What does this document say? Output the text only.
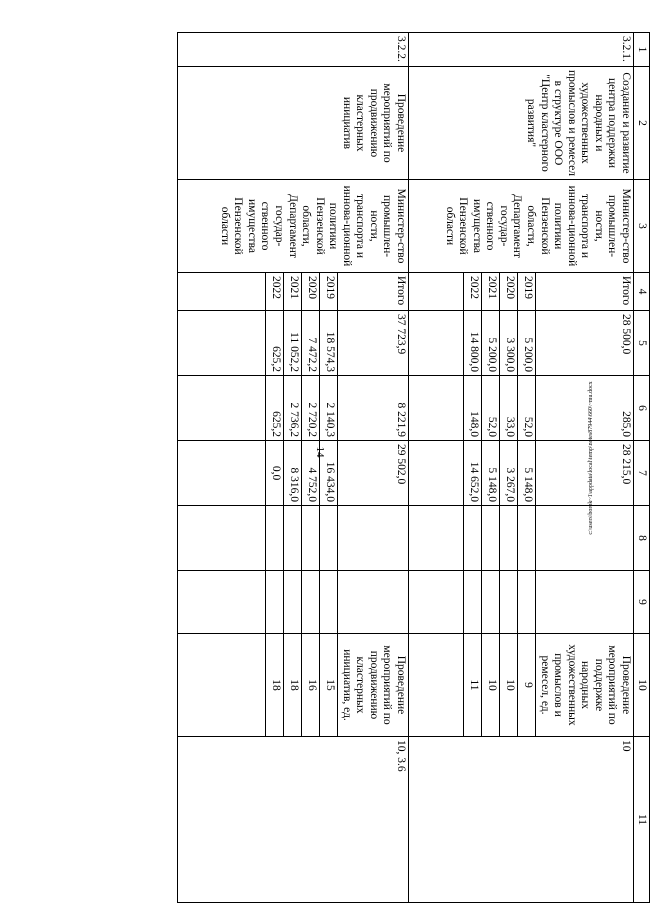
14
1	2	3	4	5	6	7	8	9	10	11
3.2.1.	Создание и развитие центра поддержки народных и художественных промыслов и ремесел в структуре ООО "Центр кластерного развития"	Министер-ство промышлен-ности, транспорта и иннова-ционной политики Пензенской области, Департамент государ-ственного имущества Пензенской области	Итого	28 500,0	285,0	28 215,0			Проведение мероприятий по поддержке народных художественных промыслов и ремесел, ед.	10
			2019	5 200,0	52,0	5 148,0			9	
			2020	3 300,0	33,0	3 267,0			10	
			2021	5 200,0	52,0	5 148,0			10	
			2022	14 800,0	148,0	14 652,0			11	

3.2.2.	Проведение мероприятий по продвижению кластерных инициатив	Министер-ство промышлен-ности, транспорта и иннова-ционной политики Пензенской области, Департамент государ-ственного имущества Пензенской области	Итого	37 723,9	8 221,9	29 502,0			Проведение мероприятий по продвижению кластерных инициатив, ед.	10, 3.6
			2019	18 574,3	2 140,3	16 434,0			15	
			2020	7 472,2	2 720,2	4 752,0			16	
			2021	11 052,2	2 736,2	8 316,0			18	
			2022	625,2	625,2	0,0			18	

c:\users\borok~1\appdata\local\temp\notes87944\660\~mu.docx
